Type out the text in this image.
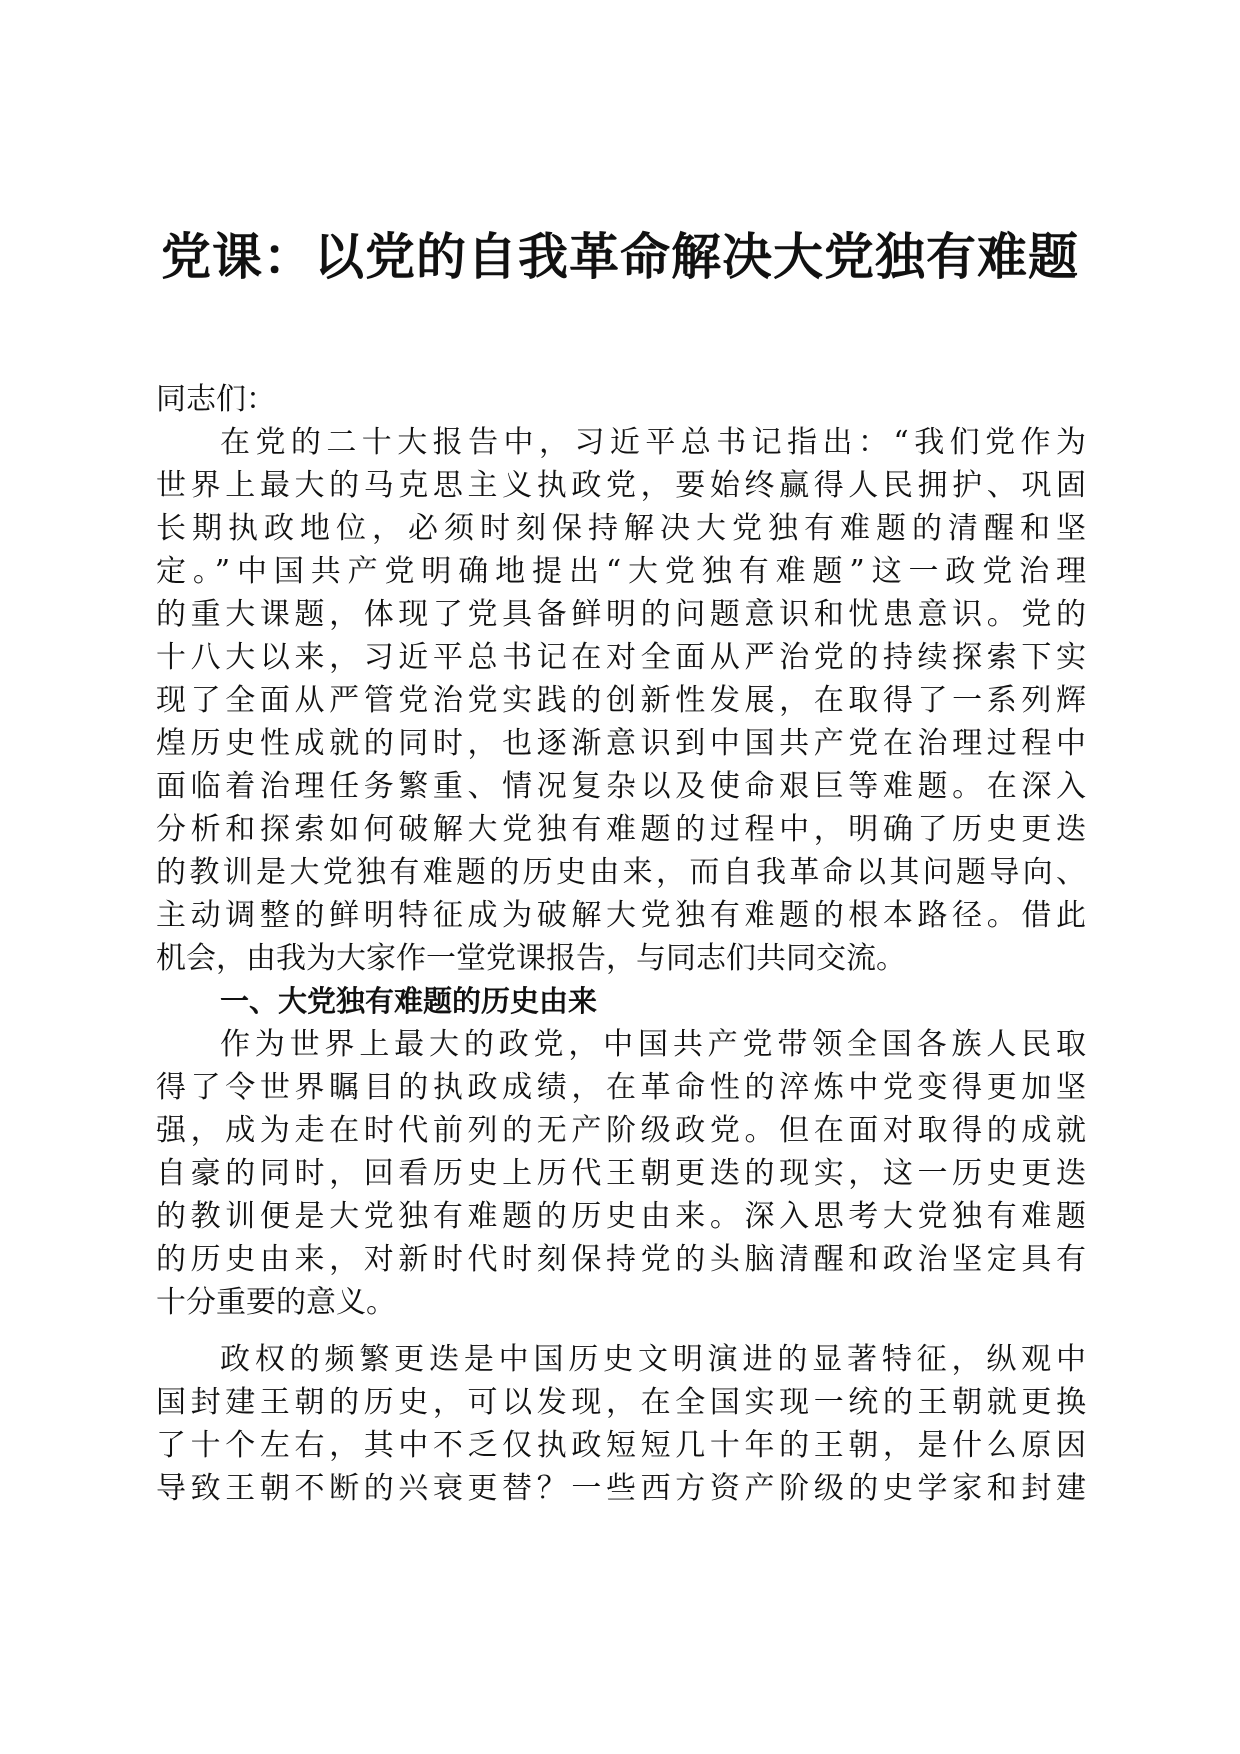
党课：以党的自我革命解决大党独有难题
同志们：
在党的二十大报告中，习近平总书记指出：“我们党作为
世界上最大的马克思主义执政党，要始终赢得人民拥护、巩固
长期执政地位，必须时刻保持解决大党独有难题的清醒和坚
定。”中国共产党明确地提出“大党独有难题”这一政党治理
的重大课题，体现了党具备鲜明的问题意识和忧患意识。党的
十八大以来，习近平总书记在对全面从严治党的持续探索下实
现了全面从严管党治党实践的创新性发展，在取得了一系列辉
煌历史性成就的同时，也逐渐意识到中国共产党在治理过程中
面临着治理任务繁重、情况复杂以及使命艰巨等难题。在深入
分析和探索如何破解大党独有难题的过程中，明确了历史更迭
的教训是大党独有难题的历史由来，而自我革命以其问题导向、
主动调整的鲜明特征成为破解大党独有难题的根本路径。借此
机会，由我为大家作一堂党课报告，与同志们共同交流。
一、大党独有难题的历史由来
作为世界上最大的政党，中国共产党带领全国各族人民取
得了令世界瞩目的执政成绩，在革命性的淬炼中党变得更加坚
强，成为走在时代前列的无产阶级政党。但在面对取得的成就
自豪的同时，回看历史上历代王朝更迭的现实，这一历史更迭
的教训便是大党独有难题的历史由来。深入思考大党独有难题
的历史由来，对新时代时刻保持党的头脑清醒和政治坚定具有
十分重要的意义。
政权的频繁更迭是中国历史文明演进的显著特征，纵观中
国封建王朝的历史，可以发现，在全国实现一统的王朝就更换
了十个左右，其中不乏仅执政短短几十年的王朝，是什么原因
导致王朝不断的兴衰更替？一些西方资产阶级的史学家和封建
